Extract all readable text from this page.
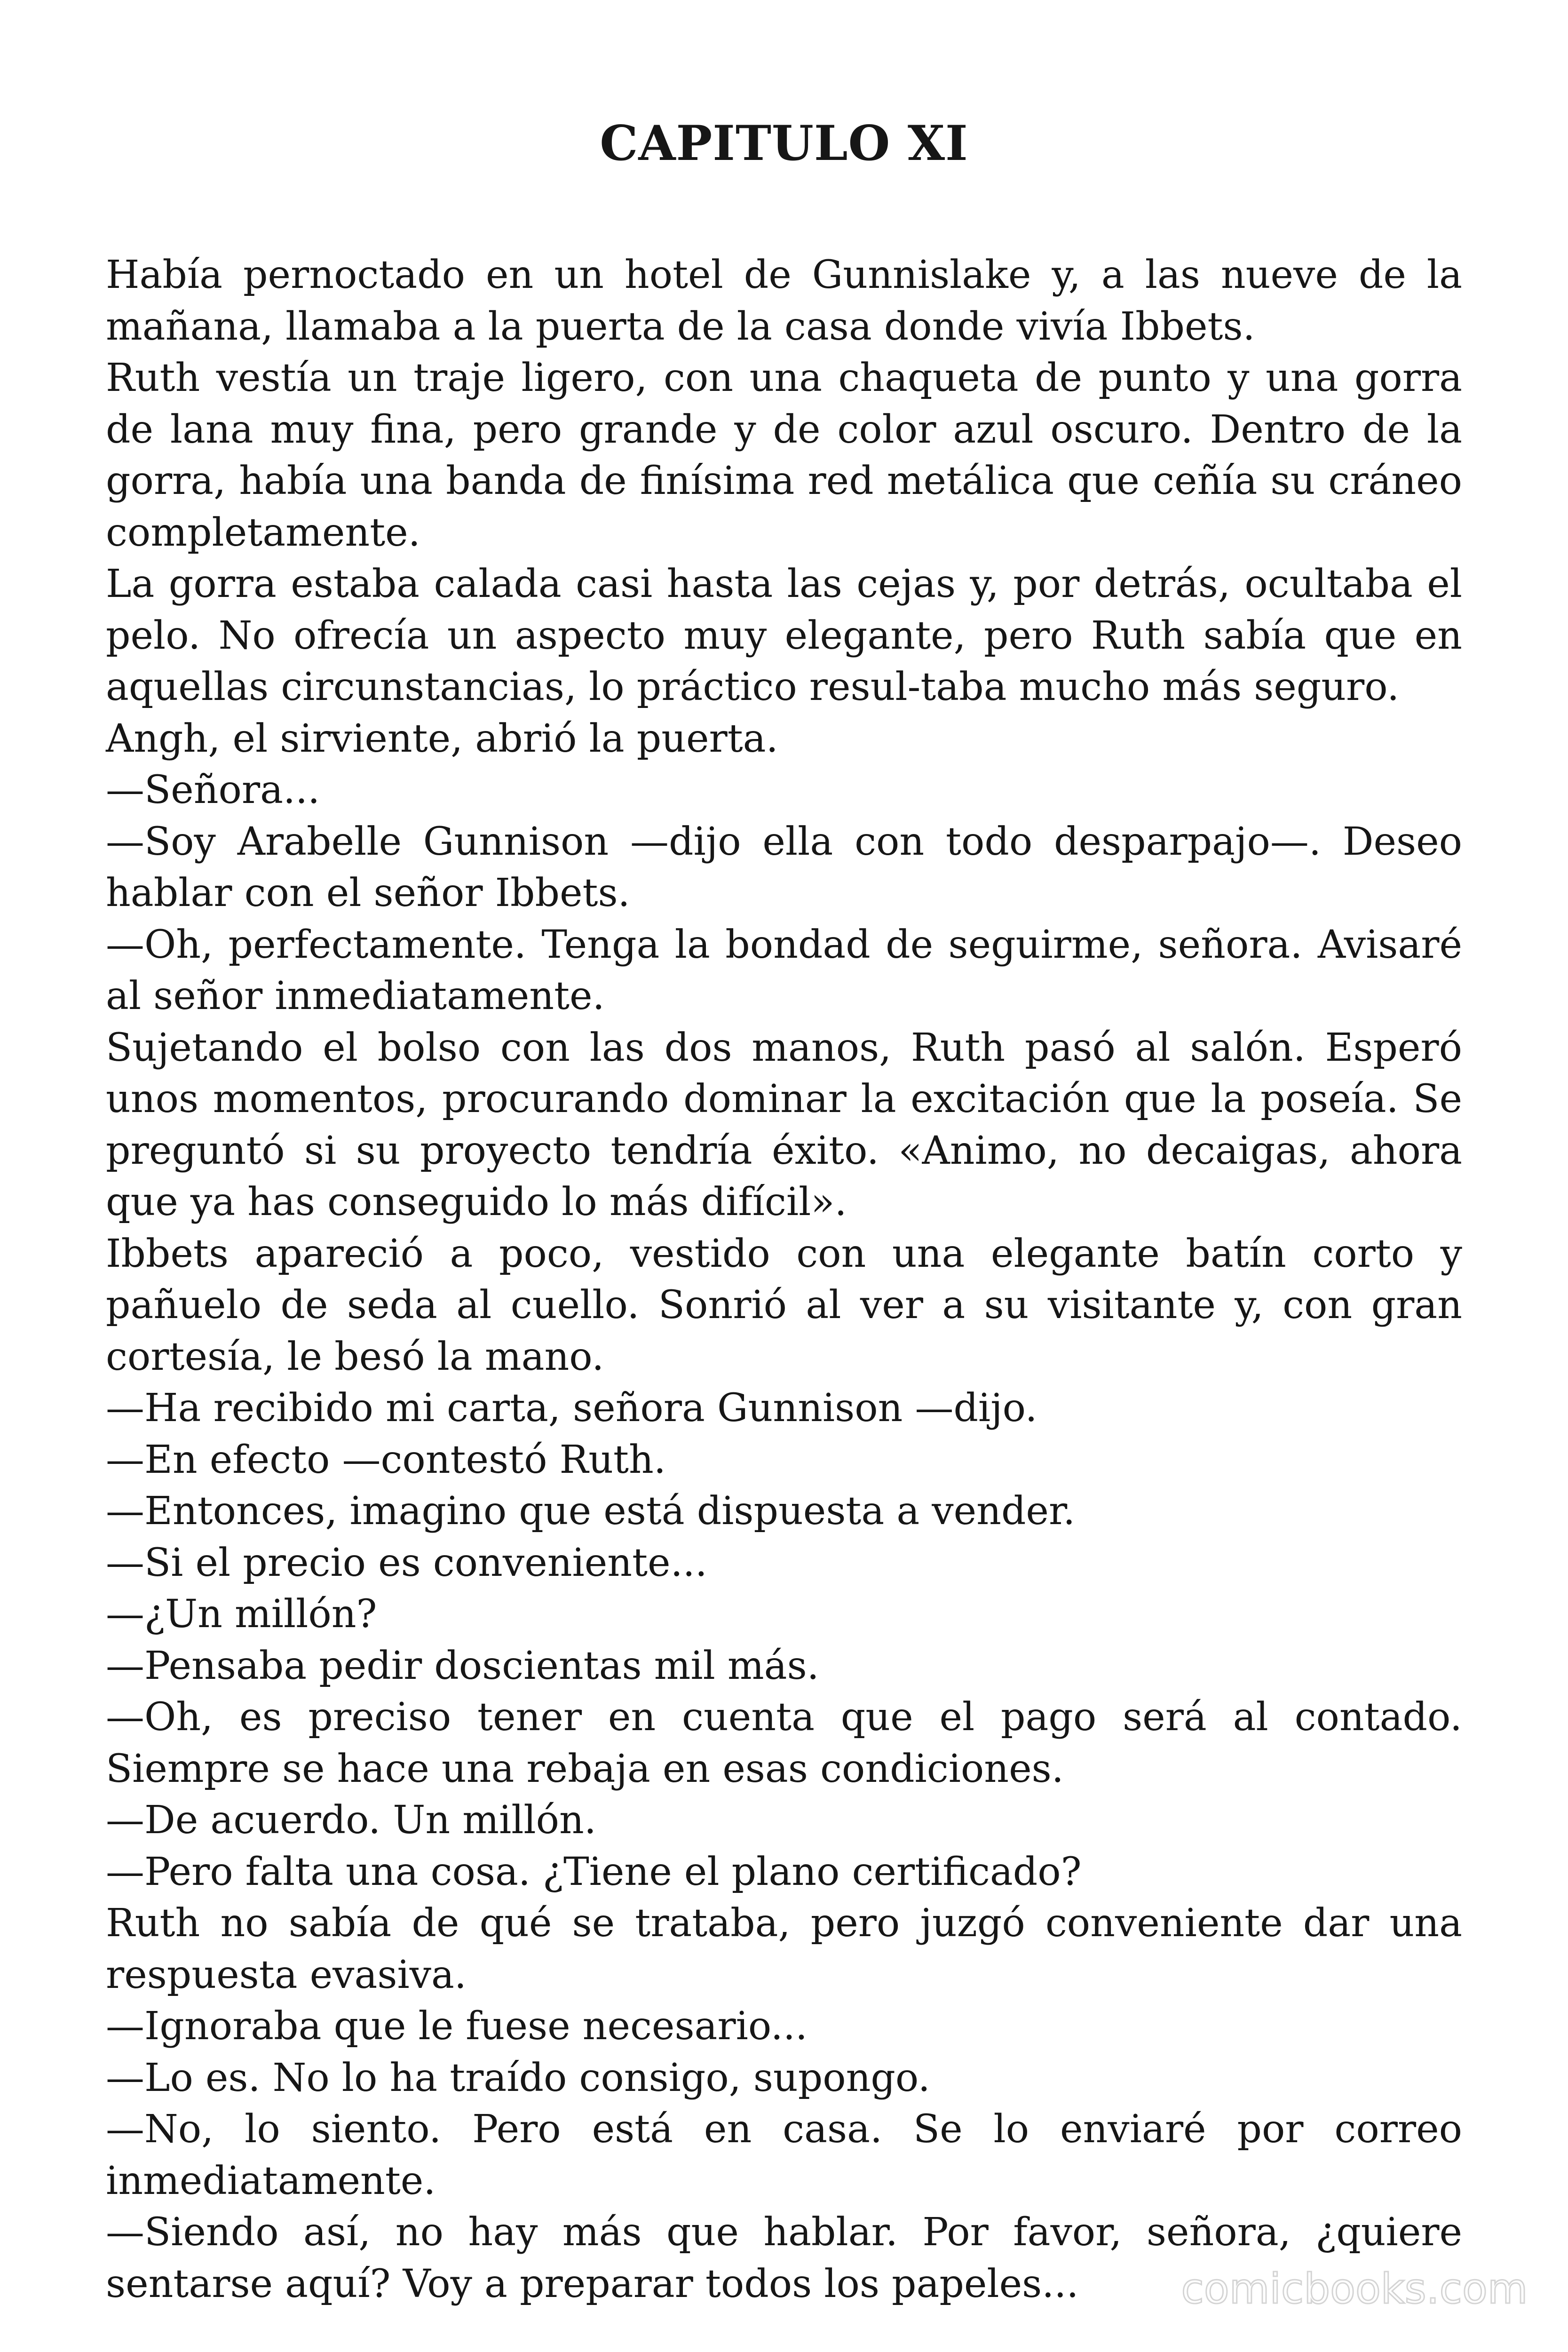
CAPITULO XI

Había pernoctado en un hotel de Gunnislake y, a las nueve de la mañana, llamaba a la puerta de la casa donde vivía Ibbets.

Ruth vestía un traje ligero, con una chaqueta de punto y una gorra de lana muy fina, pero grande y de color azul oscuro. Dentro de la gorra, había una banda de finísima red metálica que ceñía su cráneo completamente.

La gorra estaba calada casi hasta las cejas y, por detrás, ocultaba el pelo. No ofrecía un aspecto muy elegante, pero Ruth sabía que en aquellas circunstancias, lo práctico resul-taba mucho más seguro.

Angh, el sirviente, abrió la puerta.

—Señora...

—Soy Arabelle Gunnison —dijo ella con todo desparpajo—. Deseo hablar con el señor Ibbets.

—Oh, perfectamente. Tenga la bondad de seguirme, señora. Avisaré al señor inmediatamente.

Sujetando el bolso con las dos manos, Ruth pasó al salón. Esperó unos momentos, procurando dominar la excitación que la poseía. Se preguntó si su proyecto tendría éxito. «Animo, no decaigas, ahora que ya has conseguido lo más difícil».

Ibbets apareció a poco, vestido con una elegante batín corto y pañuelo de seda al cuello. Sonrió al ver a su visitante y, con gran cortesía, le besó la mano.

—Ha recibido mi carta, señora Gunnison —dijo.

—En efecto —contestó Ruth.

—Entonces, imagino que está dispuesta a vender.

—Si el precio es conveniente...

—¿Un millón?

—Pensaba pedir doscientas mil más.

—Oh, es preciso tener en cuenta que el pago será al contado. Siempre se hace una rebaja en esas condiciones.

—De acuerdo. Un millón.

—Pero falta una cosa. ¿Tiene el plano certificado?

Ruth no sabía de qué se trataba, pero juzgó conveniente dar una respuesta evasiva.

—Ignoraba que le fuese necesario...

—Lo es. No lo ha traído consigo, supongo.

—No, lo siento. Pero está en casa. Se lo enviaré por correo inmediatamente.

—Siendo así, no hay más que hablar. Por favor, señora, ¿quiere sentarse aquí? Voy a preparar todos los papeles...	comicbooks.com
